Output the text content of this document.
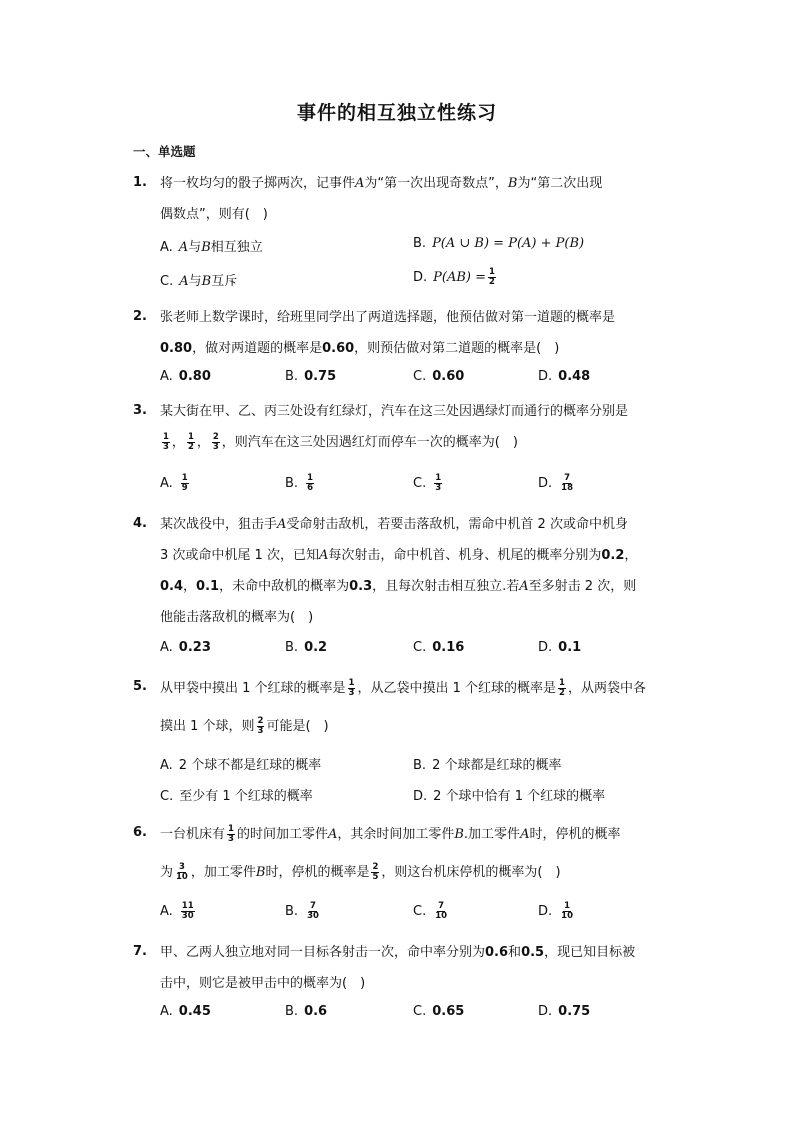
事件的相互独立性练习
一、单选题
1. 将一枚均匀的骰子掷两次，记事件A为“第一次出现奇数点”，B为“第二次出现
偶数点”，则有(　)
A. A与B相互独立	B. P(A ∪ B) = P(A) + P(B)
C. A与B互斥	D. $P(AB) = \frac{1}{2}$
2. 张老师上数学课时，给班里同学出了两道选择题，他预估做对第一道题的概率是
0.80，做对两道题的概率是0.60，则预估做对第二道题的概率是(　)
A. 0.80	B. 0.75	C. 0.60	D. 0.48
3. 某大街在甲、乙、丙三处设有红绿灯，汽车在这三处因遇绿灯而通行的概率分别是
$\frac{1}{3}$ ， $\frac{1}{2}$ ， $\frac{2}{3}$ ，则汽车在这三处因遇红灯而停车一次的概率为(　)
A. $\frac{1}{9}$	B. $\frac{1}{6}$	C. $\frac{1}{3}$	D. $\frac{7}{18}$
4. 某次战役中，狙击手A受命射击敌机，若要击落敌机，需命中机首 2 次或命中机身
3 次或命中机尾 1 次，已知A每次射击，命中机首、机身、机尾的概率分别为0.2，
0.4，0.1，未命中敌机的概率为0.3，且每次射击相互独立.若A至多射击 2 次，则
他能击落敌机的概率为(　)
A. 0.23	B. 0.2	C. 0.16	D. 0.1
5. 从甲袋中摸出 1 个红球的概率是 $\frac{1}{3}$ ，从乙袋中摸出 1 个红球的概率是 $\frac{1}{2}$ ，从两袋中各
摸出 1 个球，则 $\frac{2}{3}$ 可能是(　)
A. 2 个球不都是红球的概率	B. 2 个球都是红球的概率
C. 至少有 1 个红球的概率	D. 2 个球中恰有 1 个红球的概率
6. 一台机床有 $\frac{1}{3}$ 的时间加工零件A，其余时间加工零件B.加工零件A时，停机的概率
为 $\frac{3}{10}$ ，加工零件B时，停机的概率是 $\frac{2}{5}$ ，则这台机床停机的概率为(　)
A. $\frac{11}{30}$	B. $\frac{7}{30}$	C. $\frac{7}{10}$	D. $\frac{1}{10}$
7. 甲、乙两人独立地对同一目标各射击一次，命中率分别为0.6和0.5，现已知目标被
击中，则它是被甲击中的概率为(　)
A. 0.45	B. 0.6	C. 0.65	D. 0.75
